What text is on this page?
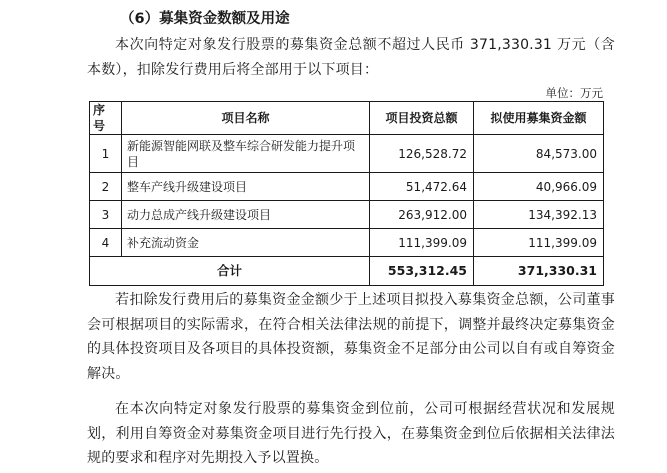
（6）募集资金数额及用途
本次向特定对象发行股票的募集资金总额不超过人民币 371,330.31 万元（含本数），扣除发行费用后将全部用于以下项目：
单位：万元
序号	项目名称	项目投资总额	拟使用募集资金额
1	新能源智能网联及整车综合研发能力提升项目	126,528.72	84,573.00
2	整车产线升级建设项目	51,472.64	40,966.09
3	动力总成产线升级建设项目	263,912.00	134,392.13
4	补充流动资金	111,399.09	111,399.09
合计		553,312.45	371,330.31
若扣除发行费用后的募集资金金额少于上述项目拟投入募集资金总额，公司董事会可根据项目的实际需求，在符合相关法律法规的前提下，调整并最终决定募集资金的具体投资项目及各项目的具体投资额，募集资金不足部分由公司以自有或自筹资金解决。
在本次向特定对象发行股票的募集资金到位前，公司可根据经营状况和发展规划，利用自筹资金对募集资金项目进行先行投入，在募集资金到位后依据相关法律法规的要求和程序对先期投入予以置换。
